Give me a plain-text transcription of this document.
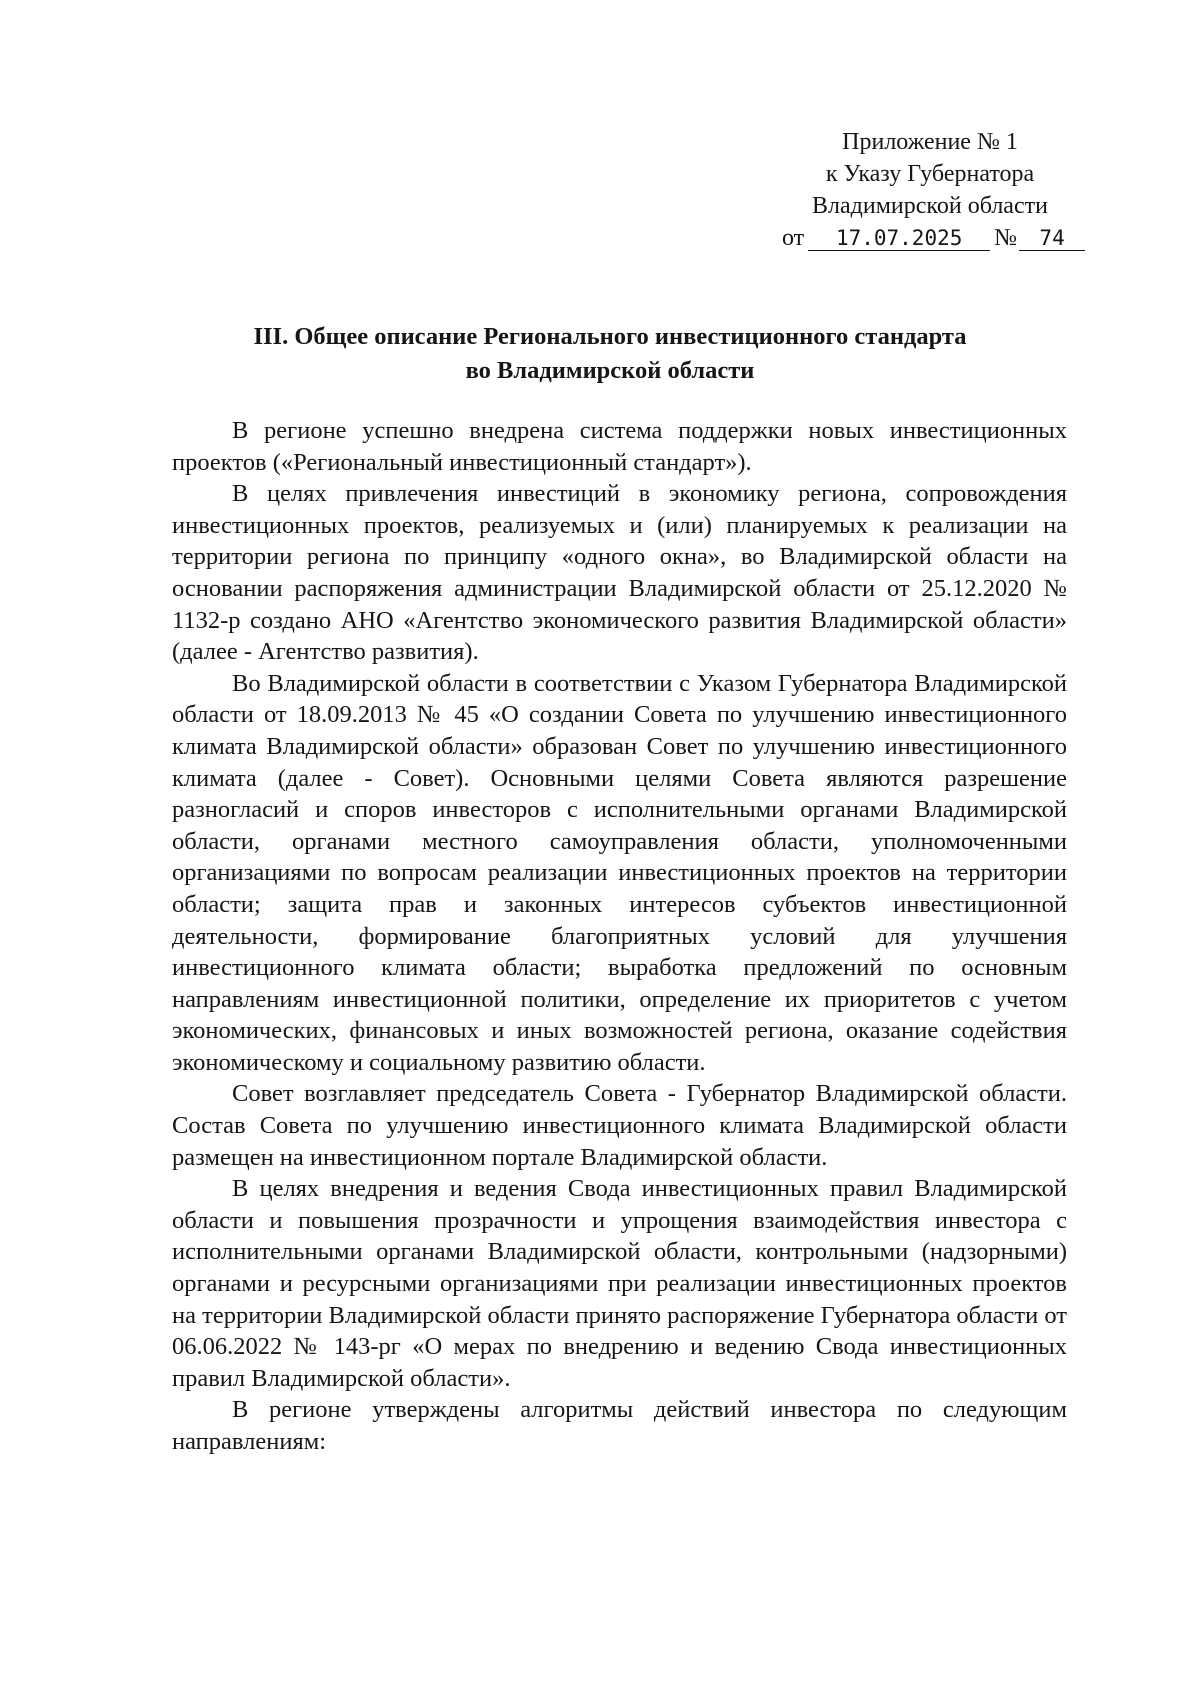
Приложение № 1
к Указу Губернатора
Владимирской области
от 17.07.2025 № 74
III. Общее описание Регионального инвестиционного стандарта
во Владимирской области

В регионе успешно внедрена система поддержки новых инвестиционных проектов («Региональный инвестиционный стандарт»).

В целях привлечения инвестиций в экономику региона, сопровождения инвестиционных проектов, реализуемых и (или) планируемых к реализации на территории региона по принципу «одного окна», во Владимирской области на основании распоряжения администрации Владимирской области от 25.12.2020 № 1132-р создано АНО «Агентство экономического развития Владимирской области» (далее - Агентство развития).

Во Владимирской области в соответствии с Указом Губернатора Владимирской области от 18.09.2013 № 45 «О создании Совета по улучшению инвестиционного климата Владимирской области» образован Совет по улучшению инвестиционного климата (далее - Совет). Основными целями Совета являются разрешение разногласий и споров инвесторов с исполнительными органами Владимирской области, органами местного самоуправления области, уполномоченными организациями по вопросам реализации инвестиционных проектов на территории области; защита прав и законных интересов субъектов инвестиционной деятельности, формирование благоприятных условий для улучшения инвестиционного климата области; выработка предложений по основным направлениям инвестиционной политики, определение их приоритетов с учетом экономических, финансовых и иных возможностей региона, оказание содействия экономическому и социальному развитию области.

Совет возглавляет председатель Совета - Губернатор Владимирской области. Состав Совета по улучшению инвестиционного климата Владимирской области размещен на инвестиционном портале Владимирской области.

В целях внедрения и ведения Свода инвестиционных правил Владимирской области и повышения прозрачности и упрощения взаимодействия инвестора с исполнительными органами Владимирской области, контрольными (надзорными) органами и ресурсными организациями при реализации инвестиционных проектов на территории Владимирской области принято распоряжение Губернатора области от 06.06.2022 № 143-рг «О мерах по внедрению и ведению Свода инвестиционных правил Владимирской области».

В регионе утверждены алгоритмы действий инвестора по следующим направлениям:
